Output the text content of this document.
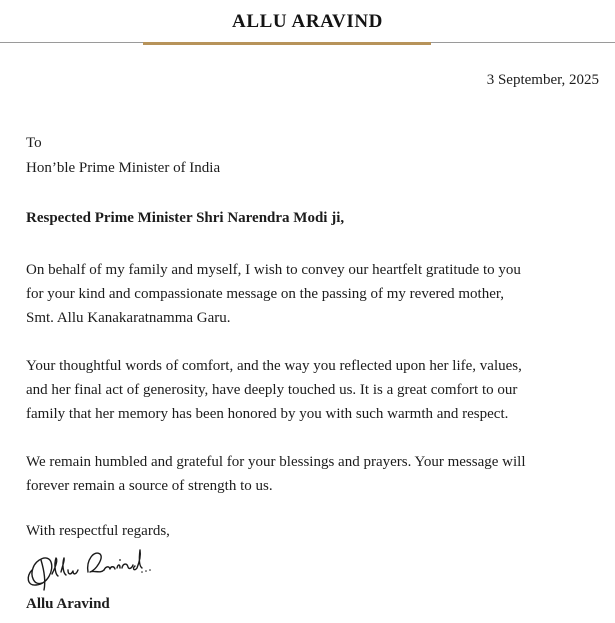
ALLU ARAVIND
3 September, 2025
To
Hon’ble Prime Minister of India
Respected Prime Minister Shri Narendra Modi ji,
On behalf of my family and myself, I wish to convey our heartfelt gratitude to you
for your kind and compassionate message on the passing of my revered mother,
Smt. Allu Kanakaratnamma Garu.
Your thoughtful words of comfort, and the way you reflected upon her life, values,
and her final act of generosity, have deeply touched us. It is a great comfort to our
family that her memory has been honored by you with such warmth and respect.
We remain humbled and grateful for your blessings and prayers. Your message will
forever remain a source of strength to us.
With respectful regards,
Allu Aravind
